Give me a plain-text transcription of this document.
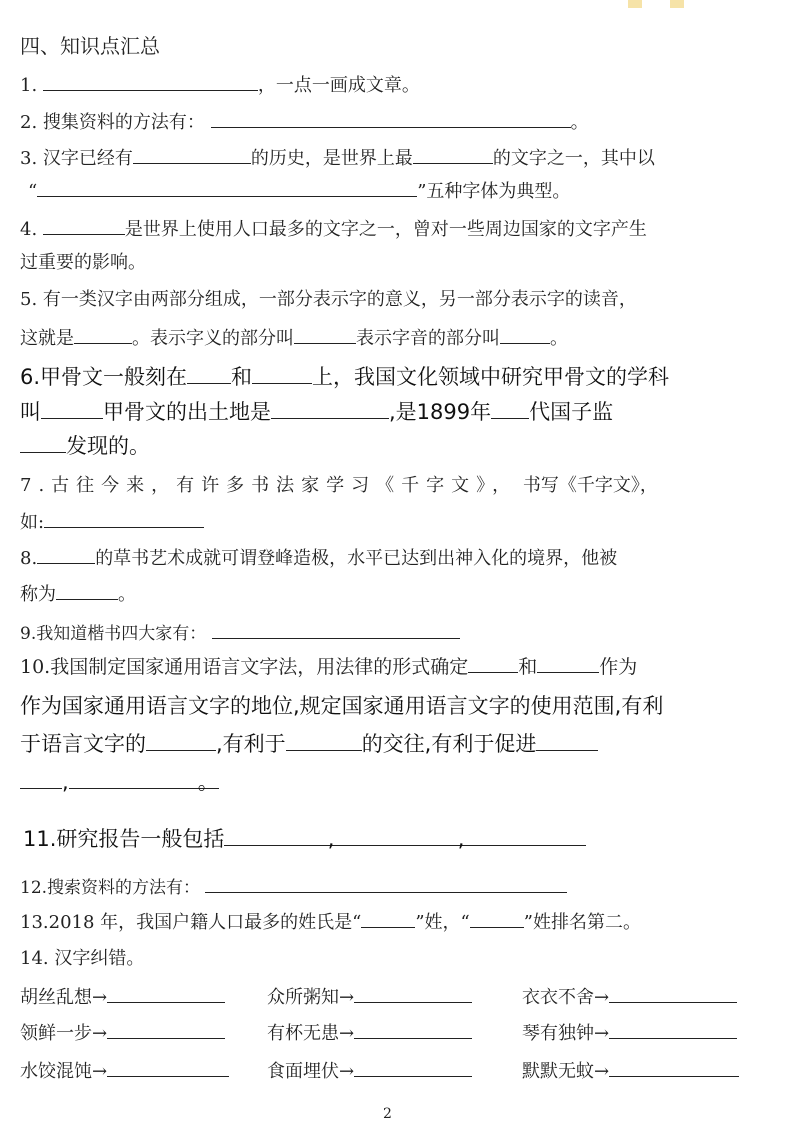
四、知识点汇总
1.	，一点一画成文章。
2. 搜集资料的方法有：	。
3. 汉字已经有	的历史，是世界上最	的文字之一，其中以
“	”五种字体为典型。
4.	是世界上使用人口最多的文字之一，曾对一些周边国家的文字产生
过重要的影响。
5. 有一类汉字由两部分组成，一部分表示字的意义，另一部分表示字的读音，
这就是	。表示字义的部分叫	表示字音的部分叫	。
6.甲骨文一般刻在 和	上，我国文化领域中研究甲骨文的学科
叫	甲骨文的出土地是	,是1899年 代国子监
发现的。
7.古往今来，有许多书法家学习《千字文》， 书写《千字文》，
如:
8.	的草书艺术成就可谓登峰造极，水平已达到出神入化的境界，他被
称为	。
9.我知道楷书四大家有：
10.我国制定国家通用语言文字法，用法律的形式确定	和	作为
作为国家通用语言文字的地位,规定国家通用语言文字的使用范围,有利
于语言文字的	,有利于	的交往,有利于促进
,	。
11.研究报告一般包括	,	,
12.搜索资料的方法有：
13.2018 年，我国户籍人口最多的姓氏是“	”姓，“	”姓排名第二。
14. 汉字纠错。
胡丝乱想→	众所粥知→	衣衣不舍→
领鲜一步→	有杯无患→	琴有独钟→
水饺混饨→	食面埋伏→	默默无蚊→
2
